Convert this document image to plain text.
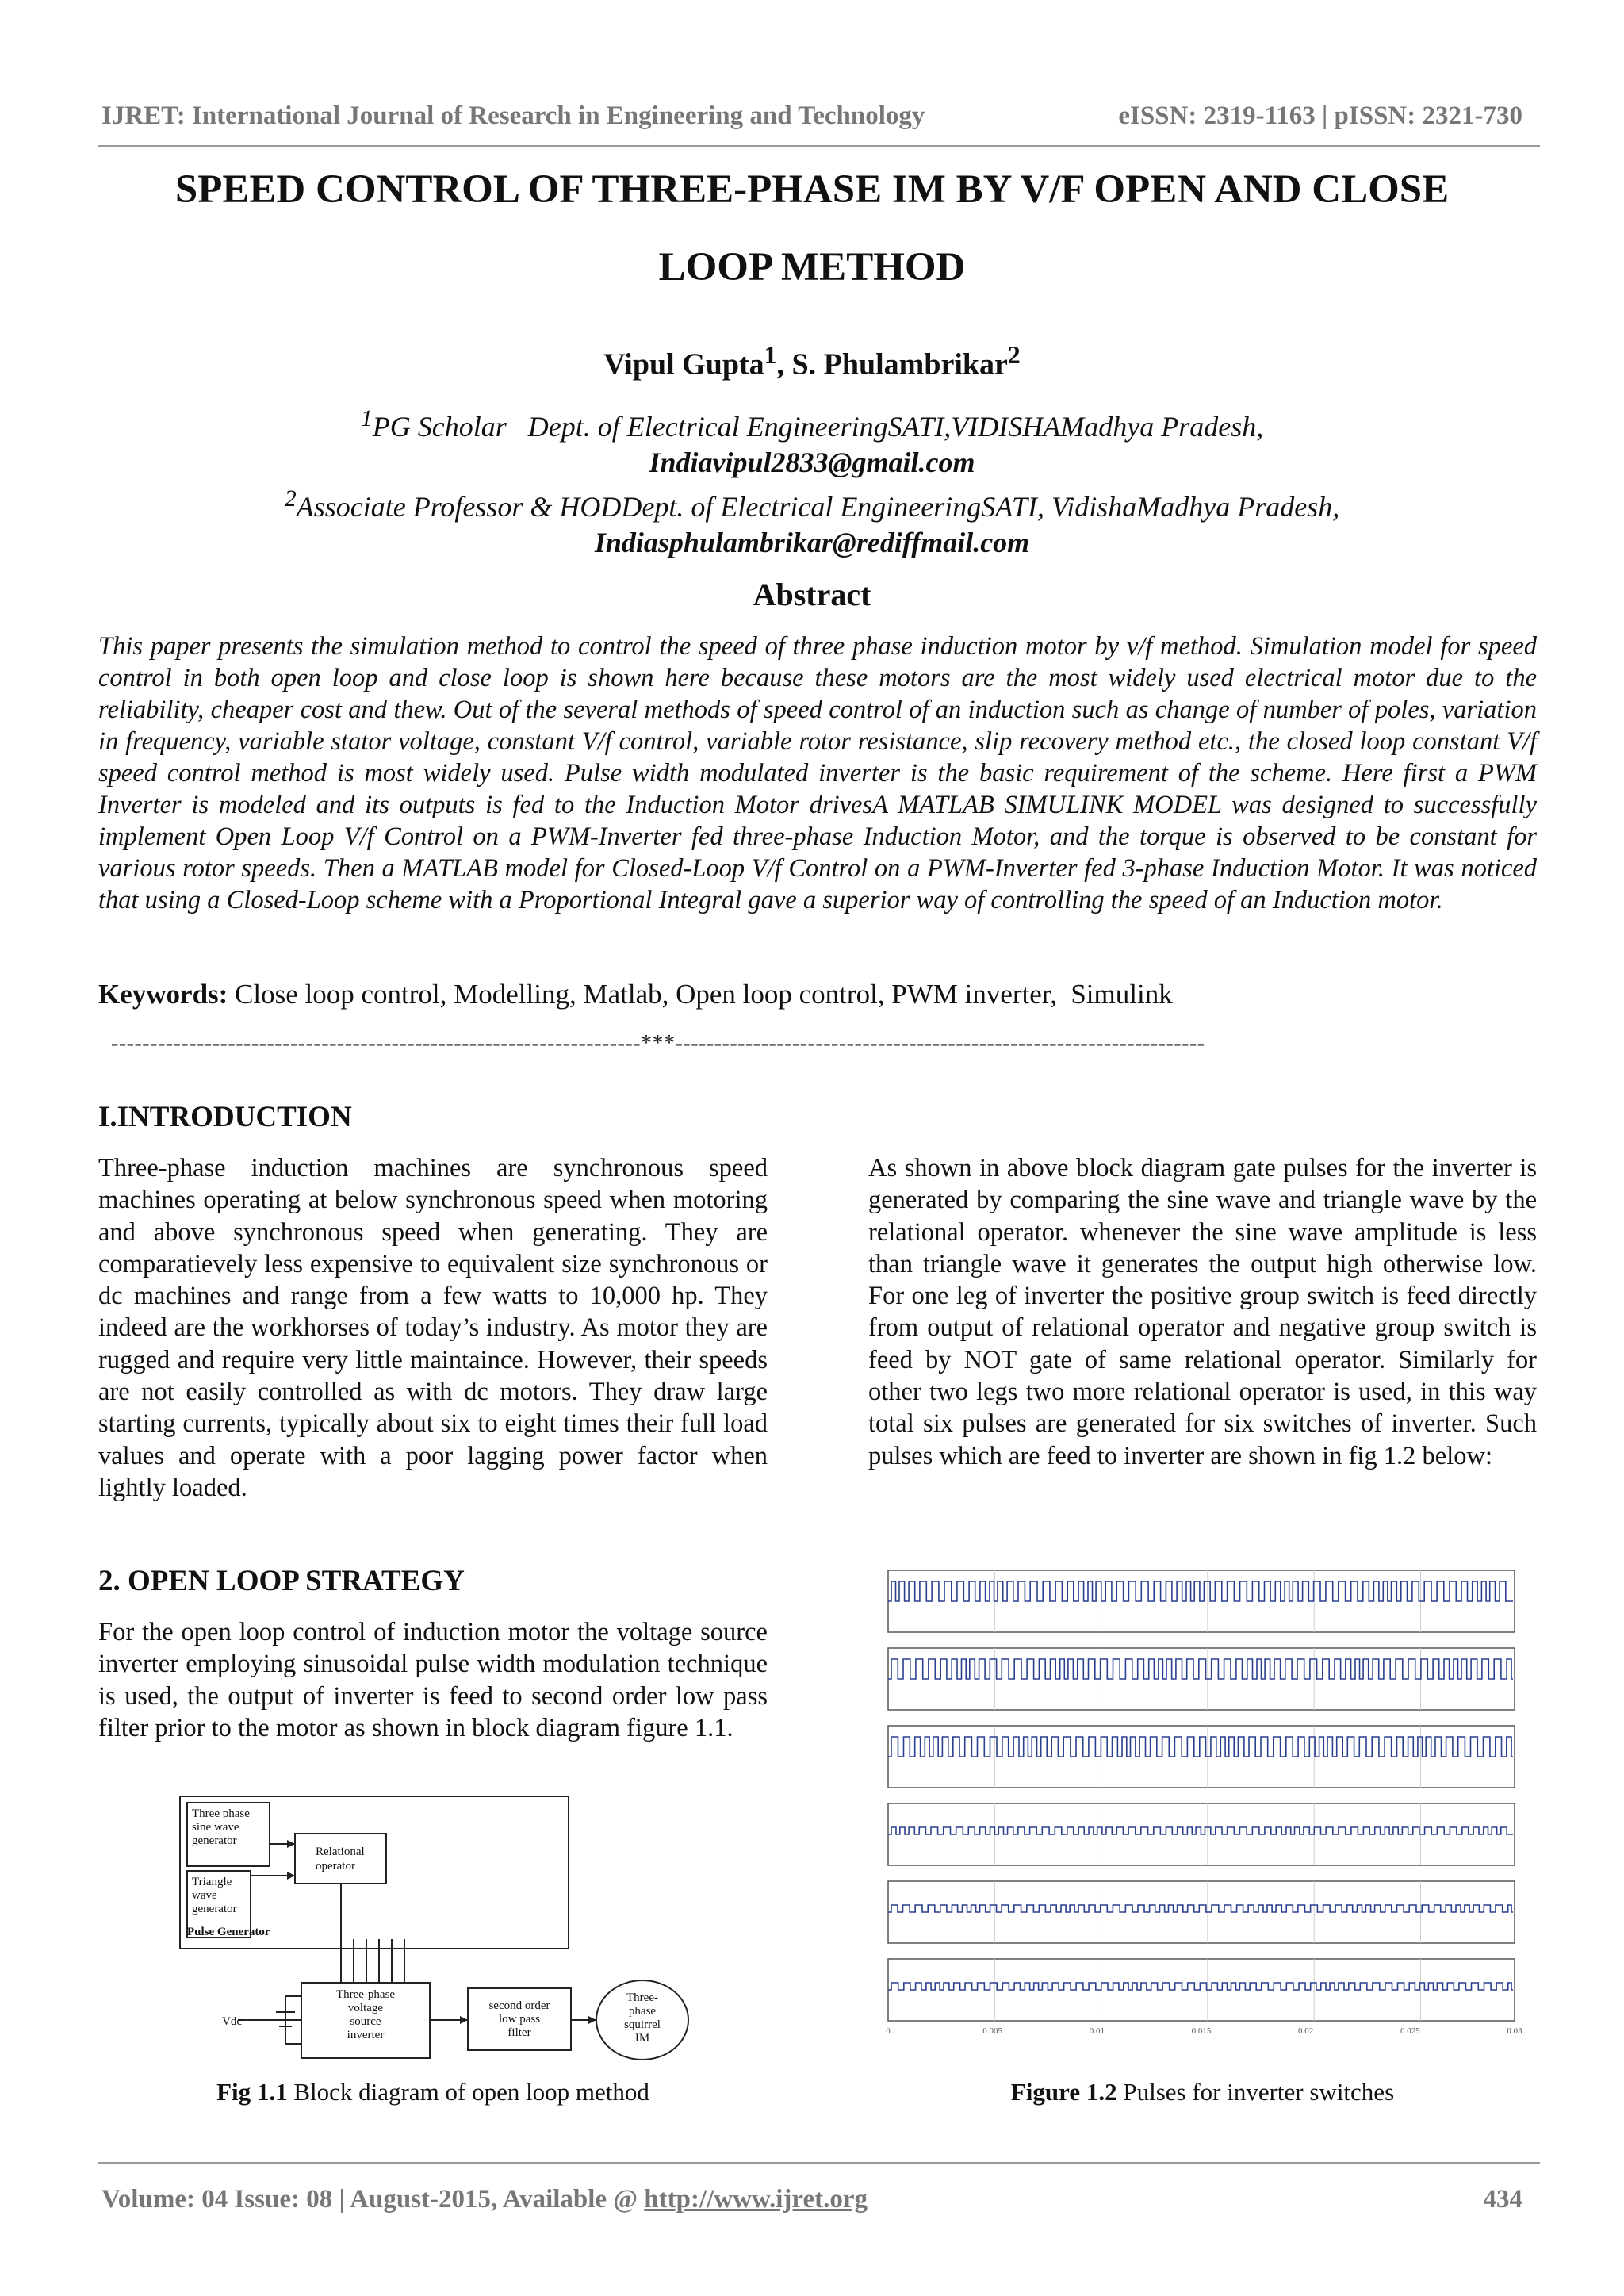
IJRET: International Journal of Research in Engineering and Technology	eISSN: 2319-1163 | pISSN: 2321-730
SPEED CONTROL OF THREE-PHASE IM BY V/F OPEN AND CLOSE
LOOP METHOD
Vipul Gupta$^1$, S. Phulambrikar$^2$
$^1$PG Scholar   Dept. of Electrical EngineeringSATI,VIDISHAMadhya Pradesh,
Indiavipul2833@gmail.com
$^2$Associate Professor & HODDept. of Electrical EngineeringSATI, VidishaMadhya Pradesh,
Indiasphulambrikar@rediffmail.com
Abstract
This paper presents the simulation method to control the speed of three phase induction motor by v/f method. Simulation model for speed control in both open loop and close loop is shown here because these motors are the most widely used electrical motor due to the reliability, cheaper cost and thew. Out of the several methods of speed control of an induction such as change of number of poles, variation in frequency, variable stator voltage, constant V/f control, variable rotor resistance, slip recovery method etc., the closed loop constant V/f speed control method is most widely used. Pulse width modulated inverter is the basic requirement of the scheme. Here first a PWM Inverter is modeled and its outputs is fed to the Induction Motor drivesA MATLAB SIMULINK MODEL was designed to successfully implement Open Loop V/f Control on a PWM-Inverter fed three-phase Induction Motor, and the torque is observed to be constant for various rotor speeds. Then a MATLAB model for Closed-Loop V/f Control on a PWM-Inverter fed 3-phase Induction Motor. It was noticed that using a Closed-Loop scheme with a Proportional Integral gave a superior way of controlling the speed of an Induction motor.
Keywords: Close loop control, Modelling, Matlab, Open loop control, PWM inverter,  Simulink
--------------------------------------------------------------------***--------------------------------------------------------------------
I.INTRODUCTION
Three-phase induction machines are synchronous speed machines operating at below synchronous speed when motoring and above synchronous speed when generating. They are comparatievely less expensive to equivalent size synchronous or dc machines and range from a few watts to 10,000 hp. They indeed are the workhorses of today’s industry. As motor they are rugged and require very little maintaince. However, their speeds are not easily controlled as with dc motors. They draw large starting currents, typically about six to eight times their full load values and operate with a poor lagging power factor when lightly loaded.
2. OPEN LOOP STRATEGY
For the open loop control of induction motor the voltage source inverter employing sinusoidal pulse width modulation technique is used, the output of inverter is feed to second order low pass filter prior to the motor as shown in block diagram figure 1.1.
Three phase
sine wave
generator
Triangle
wave
generator
Relational
operator
Pulse Generator
Vdc
Three-phase
voltage
source
inverter
second order
low pass
filter
Three-
phase
squirrel
IM
Fig 1.1 Block diagram of open loop method
As shown in above block diagram gate pulses for the inverter is generated by comparing the sine wave and triangle wave by the relational operator. whenever the sine wave amplitude is less than triangle wave it generates the output high otherwise low. For one leg of inverter the positive group switch is feed directly from output of relational operator and negative group switch is feed by NOT gate of same relational operator. Similarly for other two legs two more relational operator is used, in this way total six pulses are generated for six switches of inverter. Such pulses which are feed to inverter are shown in fig 1.2 below:
0	0.005	0.01	0.015	0.02	0.025	0.03
Figure 1.2 Pulses for inverter switches
Volume: 04 Issue: 08 | August-2015, Available @ http://www.ijret.org	434
